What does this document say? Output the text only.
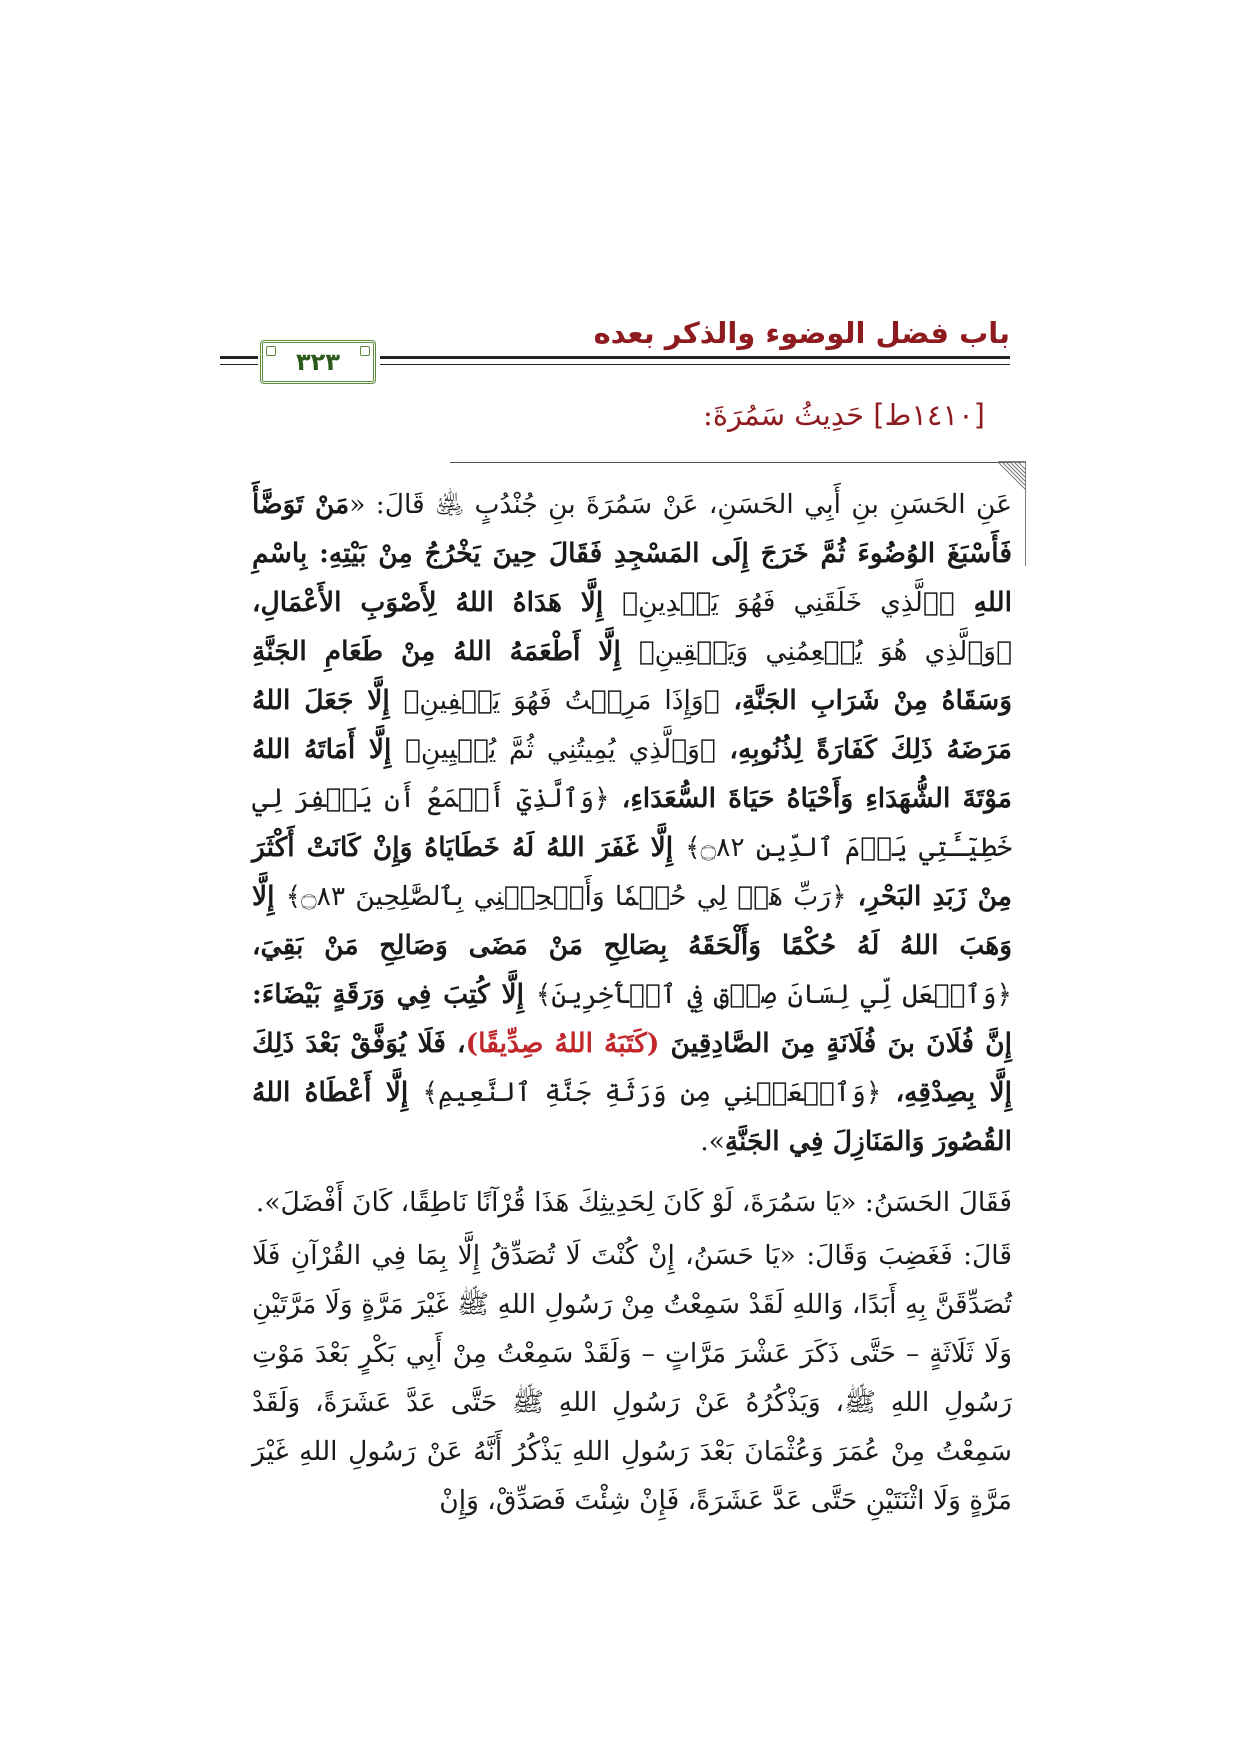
باب فضل الوضوء والذكر بعده
٣٢٣
[١٤١٠ط] حَدِيثُ سَمُرَةَ:

عَنِ الحَسَنِ بنِ أَبِي الحَسَنِ، عَنْ سَمُرَةَ بنِ جُنْدُبٍ ﵁ قَالَ: «مَنْ تَوَضَّأَ فَأَسْبَغَ الوُضُوءَ ثُمَّ خَرَجَ إِلَى المَسْجِدِ فَقَالَ حِينَ يَخْرُجُ مِنْ بَيْتِهِ: بِاسْمِ اللهِ ﴿ٱلَّذِي خَلَقَنِي فَهُوَ يَهۡدِينِ﴾ إِلَّا هَدَاهُ اللهُ لِأَصْوَبِ الأَعْمَالِ، ﴿وَٱلَّذِي هُوَ يُطۡعِمُنِي وَيَسۡقِينِ﴾ إِلَّا أَطْعَمَهُ اللهُ مِنْ طَعَامِ الجَنَّةِ وَسَقَاهُ مِنْ شَرَابِ الجَنَّةِ، ﴿وَإِذَا مَرِضۡتُ فَهُوَ يَشۡفِينِ﴾ إِلَّا جَعَلَ اللهُ مَرَضَهُ ذَلِكَ كَفَارَةً لِذُنُوبِهِ، ﴿وَٱلَّذِي يُمِيتُنِي ثُمَّ يُحۡيِينِ﴾ إِلَّا أَمَاتَهُ اللهُ مَوْتَةَ الشُّهَدَاءِ وَأَحْيَاهُ حَيَاةَ السُّعَدَاءِ، ﴿وَٱلَّذِيٓ أَطۡمَعُ أَن يَغۡفِرَ لِي خَطِيٓـَٔتِي يَوۡمَ ٱلدِّينِ ۝٨٢﴾ إِلَّا غَفَرَ اللهُ لَهُ خَطَايَاهُ وَإِنْ كَانَتْ أَكْثَرَ مِنْ زَبَدِ البَحْرِ، ﴿رَبِّ هَبۡ لِي حُكۡمٗا وَأَلۡحِقۡنِي بِٱلصَّٰلِحِينَ ۝٨٣﴾ إِلَّا وَهَبَ اللهُ لَهُ حُكْمًا وَأَلْحَقَهُ بِصَالِحِ مَنْ مَضَى وَصَالِحِ مَنْ بَقِيَ، ﴿وَٱجۡعَل لِّي لِسَانَ صِدۡقٖ فِي ٱلۡأٓخِرِينَ﴾ إِلَّا كُتِبَ فِي وَرَقَةٍ بَيْضَاءَ: إِنَّ فُلَانَ بنَ فُلَانَةٍ مِنَ الصَّادِقِينَ (كَتَبَهُ اللهُ صِدِّيقًا)، فَلَا يُوَفَّقْ بَعْدَ ذَلِكَ إِلَّا بِصِدْقِهِ، ﴿وَٱجۡعَلۡنِي مِن وَرَثَةِ جَنَّةِ ٱلنَّعِيمِ﴾ إِلَّا أَعْطَاهُ اللهُ القُصُورَ وَالمَنَازِلَ فِي الجَنَّةِ».

فَقَالَ الحَسَنُ: «يَا سَمُرَةَ، لَوْ كَانَ لِحَدِيثِكَ هَذَا قُرْآنًا نَاطِقًا، كَانَ أَفْضَلَ».

قَالَ: فَغَضِبَ وَقَالَ: «يَا حَسَنُ، إِنْ كُنْتَ لَا تُصَدِّقُ إِلَّا بِمَا فِي القُرْآنِ فَلَا تُصَدِّقَنَّ بِهِ أَبَدًا، وَاللهِ لَقَدْ سَمِعْتُ مِنْ رَسُولِ اللهِ ﷺ غَيْرَ مَرَّةٍ وَلَا مَرَّتَيْنِ وَلَا ثَلَاثَةٍ – حَتَّى ذَكَرَ عَشْرَ مَرَّاتٍ – وَلَقَدْ سَمِعْتُ مِنْ أَبِي بَكْرٍ بَعْدَ مَوْتِ رَسُولِ اللهِ ﷺ، وَيَذْكُرُهُ عَنْ رَسُولِ اللهِ ﷺ حَتَّى عَدَّ عَشَرَةً، وَلَقَدْ سَمِعْتُ مِنْ عُمَرَ وَعُثْمَانَ بَعْدَ رَسُولِ اللهِ يَذْكُرُ أَنَّهُ عَنْ رَسُولِ اللهِ غَيْرَ مَرَّةٍ وَلَا اثْنَتَيْنِ حَتَّى عَدَّ عَشَرَةً، فَإِنْ شِئْتَ فَصَدِّقْ، وَإِنْ
